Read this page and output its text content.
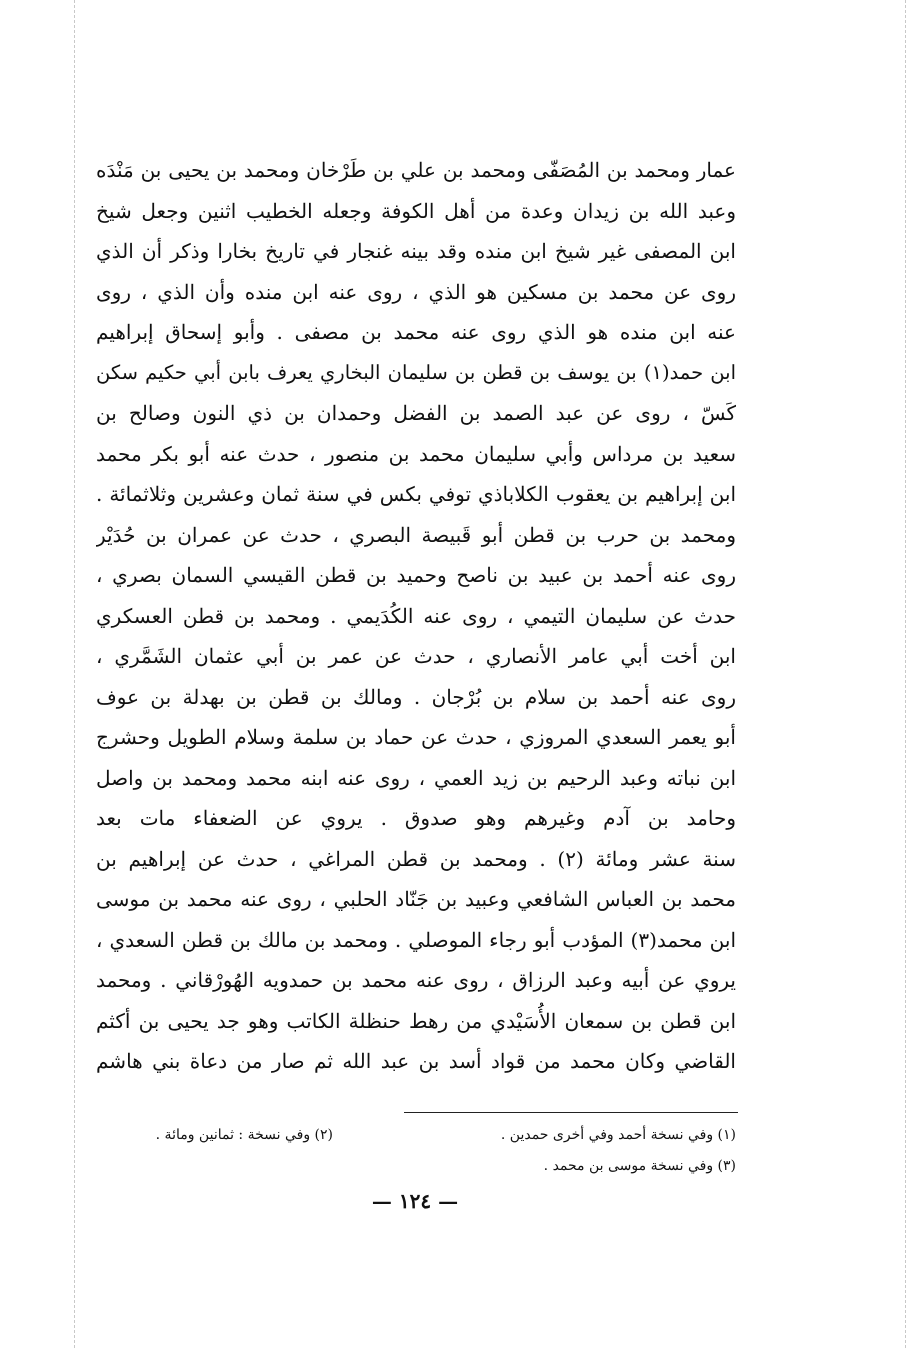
عمار ومحمد بن المُصَفّى ومحمد بن علي بن طَرْخان ومحمد بن يحيى بن مَنْدَه
وعبد الله بن زيدان وعدة من أهل الكوفة وجعله الخطيب اثنين وجعل شيخ
ابن المصفى غير شيخ ابن منده وقد بينه غنجار في تاريخ بخارا وذكر أن الذي
روى عن محمد بن مسكين هو الذي ، روى عنه ابن منده وأن الذي ، روى
عنه ابن منده هو الذي روى عنه محمد بن مصفى . وأبو إسحاق إبراهيم
ابن حمد(١) بن يوسف بن قطن بن سليمان البخاري يعرف بابن أبي حكيم سكن
كَسّ ، روى عن عبد الصمد بن الفضل وحمدان بن ذي النون وصالح بن
سعيد بن مرداس وأبي سليمان محمد بن منصور ، حدث عنه أبو بكر محمد
ابن إبراهيم بن يعقوب الكلاباذي توفي بكس في سنة ثمان وعشرين وثلاثمائة .
ومحمد بن حرب بن قطن أبو قَبيصة البصري ، حدث عن عمران بن حُدَيْر
روى عنه أحمد بن عبيد بن ناصح وحميد بن قطن القيسي السمان بصري ،
حدث عن سليمان التيمي ، روى عنه الكُدَيمي . ومحمد بن قطن العسكري
ابن أخت أبي عامر الأنصاري ، حدث عن عمر بن أبي عثمان الشَمَّري ،
روى عنه أحمد بن سلام بن بُرْجان . ومالك بن قطن بن بهدلة بن عوف
أبو يعمر السعدي المروزي ، حدث عن حماد بن سلمة وسلام الطويل وحشرج
ابن نباته وعبد الرحيم بن زيد العمي ، روى عنه ابنه محمد ومحمد بن واصل
وحامد بن آدم وغيرهم وهو صدوق . يروي عن الضعفاء مات بعد
سنة عشر ومائة (٢) . ومحمد بن قطن المراغي ، حدث عن إبراهيم بن
محمد بن العباس الشافعي وعبيد بن جَنّاد الحلبي ، روى عنه محمد بن موسى
ابن محمد(٣) المؤدب أبو رجاء الموصلي . ومحمد بن مالك بن قطن السعدي ،
يروي عن أبيه وعبد الرزاق ، روى عنه محمد بن حمدويه الهُورْقاني . ومحمد
ابن قطن بن سمعان الأُسَيْدي من رهط حنظلة الكاتب وهو جد يحيى بن أكثم
القاضي وكان محمد من قواد أسد بن عبد الله ثم صار من دعاة بني هاشم
(١) وفي نسخة أحمد وفي أخرى حمدين .
(٢) وفي نسخة : ثمانين ومائة .
(٣) وفي نسخة موسى بن محمد .
— ١٢٤ —
